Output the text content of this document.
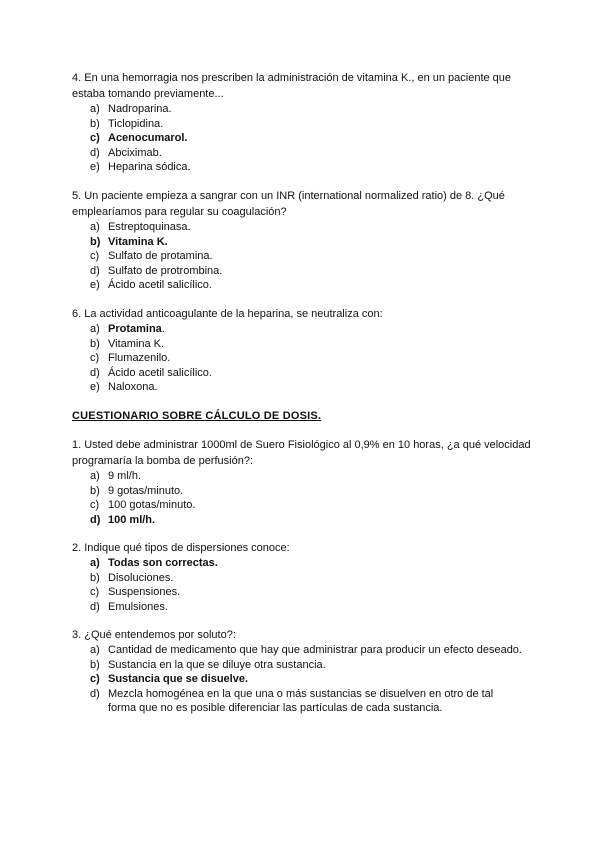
4. En una hemorragia nos prescriben la administración de vitamina K., en un paciente que estaba tomando previamente...

a) Nadroparina.
b) Ticlopidina.
c) Acenocumarol.
d) Abciximab.
e) Heparina sódica.

5. Un paciente empieza a sangrar con un INR (international normalized ratio) de 8. ¿Qué emplearíamos para regular su coagulación?

a) Estreptoquinasa.
b) Vitamina K.
c) Sulfato de protamina.
d) Sulfato de protrombina.
e) Ácido acetil salicílico.

6. La actividad anticoagulante de la heparina, se neutraliza con:

a) Protamina.
b) Vitamina K.
c) Flumazenilo.
d) Ácido acetil salicílico.
e) Naloxona.

CUESTIONARIO SOBRE CÁLCULO DE DOSIS.

1. Usted debe administrar 1000ml de Suero Fisiológico al 0,9% en 10 horas, ¿a qué velocidad programaría la bomba de perfusión?:

a) 9 ml/h.
b) 9 gotas/minuto.
c) 100 gotas/minuto.
d) 100 ml/h.

2. Indique qué tipos de dispersiones conoce:

a) Todas son correctas.
b) Disoluciones.
c) Suspensiones.
d) Emulsiones.

3. ¿Qué entendemos por soluto?:

a) Cantidad de medicamento que hay que administrar para producir un efecto deseado.
b) Sustancia en la que se diluye otra sustancia.
c) Sustancia que se disuelve.
d) Mezcla homogénea en la que una o más sustancias se disuelven en otro de tal forma que no es posible diferenciar las partículas de cada sustancia.
